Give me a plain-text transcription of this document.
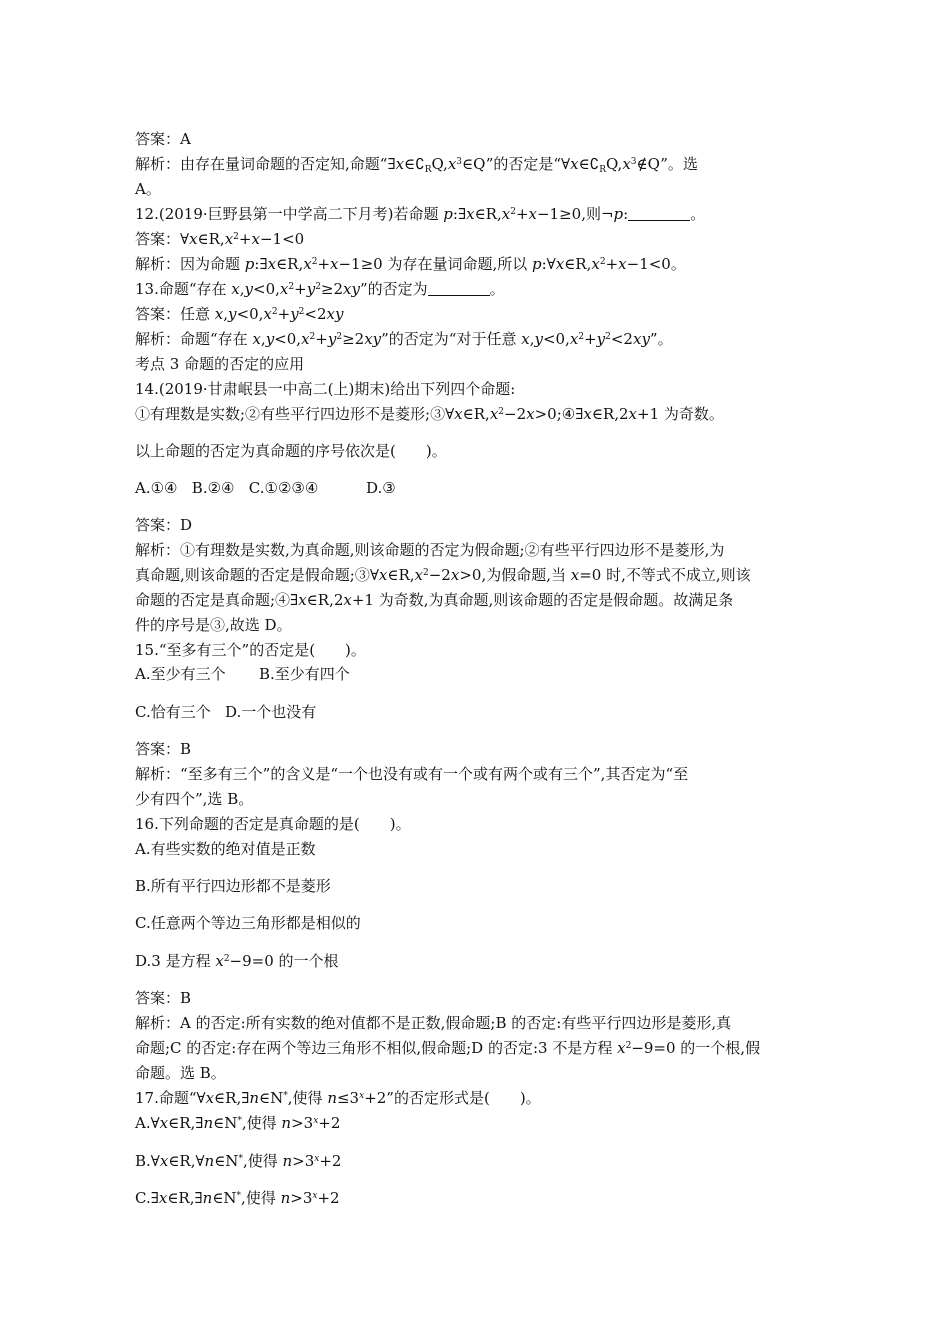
答案：A
解析：由存在量词命题的否定知,命题“$\exists x\in∁_RQ,x^3\in Q$”的否定是“$\forall x\in∁_RQ,x^3\notin Q$”。选
A。
12.(2019·巨野县第一中学高二下月考)若命题 $p:\exists x\in R,x^2+x-1\ge 0$,则¬p:	。
答案：$\forall x\in R,x^2+x-1<0$
解析：因为命题 $p:\exists x\in R,x^2+x-1\ge 0$ 为存在量词命题,所以 $p:\forall x\in R,x^2+x-1<0$。
13.命题“存在 $x,y<0,x^2+y^2\ge 2xy$”的否定为	。
答案：任意 $x,y<0,x^2+y^2<2xy$
解析：命题“存在 $x,y<0,x^2+y^2\ge 2xy$”的否定为“对于任意 $x,y<0,x^2+y^2<2xy$”。
考点 3 命题的否定的应用
14.(2019·甘肃岷县一中高二(上)期末)给出下列四个命题:
①有理数是实数;②有些平行四边形不是菱形$;③\forall x\in R,x^2-2x>0;④\exists x\in R,2x+1$ 为奇数。
以上命题的否定为真命题的序号依次是( )。
A.①④   B.②④   C.①②③④          D.③
答案：D
解析：①有理数是实数,为真命题,则该命题的否定为假命题;②有些平行四边形不是菱形,为
真命题,则该命题的否定是假命题$;③\forall x\in R,x^2-2x>0$,为假命题,当 x=0 时,不等式不成立,则该
命题的否定是真命题;④∃x∈R,2x+1 为奇数,为真命题,则该命题的否定是假命题。故满足条
件的序号是③,故选 D。
15.“至多有三个”的否定是( )。
A.至少有三个       B.至少有四个
C.恰有三个   D.一个也没有
答案：B
解析：“至多有三个”的含义是“一个也没有或有一个或有两个或有三个”,其否定为“至
少有四个”,选 B。
16.下列命题的否定是真命题的是( )。
A.有些实数的绝对值是正数
B.所有平行四边形都不是菱形
C.任意两个等边三角形都是相似的
D.3 是方程 $x^2-9=0$ 的一个根
答案：B
解析：A 的否定:所有实数的绝对值都不是正数,假命题;B 的否定:有些平行四边形是菱形,真
命题;C 的否定:存在两个等边三角形不相似,假命题;D 的否定:3 不是方程 $x^2-9=0$ 的一个根,假
命题。选 B。
17.命题“∀x∈R,∃n∈N*,使得 $n\le 3^x+2$”的否定形式是( )。
A.∀x∈R,∃n∈N*,使得 $n>3^x+2$
B.∀x∈R,∀n∈N*,使得 $n>3^x+2$
C.∃x∈R,∃n∈N*,使得 $n>3^x+2$
